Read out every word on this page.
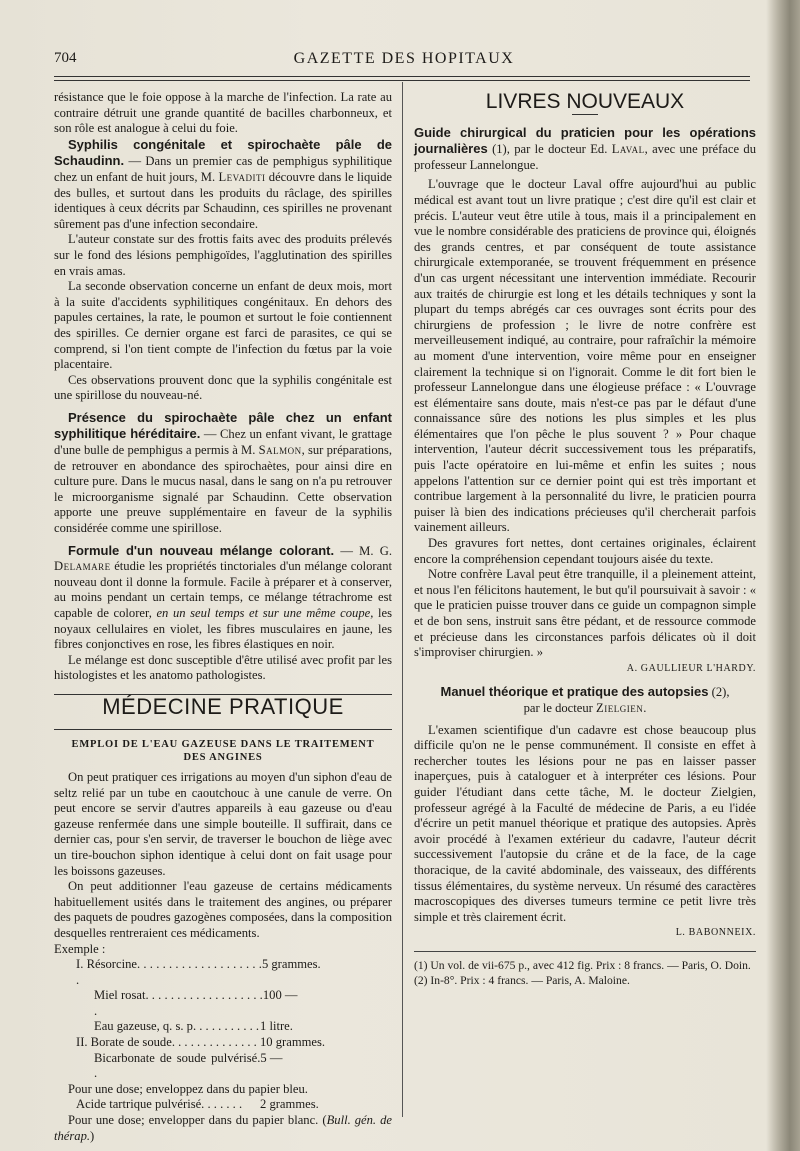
704	GAZETTE DES HOPITAUX

résistance que le foie oppose à la marche de l'infection. La rate au contraire détruit une grande quantité de bacilles charbonneux, et son rôle est analogue à celui du foie.

Syphilis congénitale et spirochaète pâle de Schaudinn. — Dans un premier cas de pemphigus syphilitique chez un enfant de huit jours, M. Levaditi découvre dans le liquide des bulles, et surtout dans les produits du râclage, des spirilles identiques à ceux décrits par Schaudinn, ces spirilles ne provenant sûrement pas d'une infection secondaire.

L'auteur constate sur des frottis faits avec des produits prélevés sur le fond des lésions pemphigoïdes, l'agglutination des spirilles en vrais amas.

La seconde observation concerne un enfant de deux mois, mort à la suite d'accidents syphilitiques congénitaux. En dehors des papules certaines, la rate, le poumon et surtout le foie contiennent des spirilles. Ce dernier organe est farci de parasites, ce qui se comprend, si l'on tient compte de l'infection du fœtus par la voie placentaire.

Ces observations prouvent donc que la syphilis congénitale est une spirillose du nouveau-né.

Présence du spirochaète pâle chez un enfant syphilitique héréditaire. — Chez un enfant vivant, le grattage d'une bulle de pemphigus a permis à M. Salmon, sur préparations, de retrouver en abondance des spirochaètes, pour ainsi dire en culture pure. Dans le mucus nasal, dans le sang on n'a pu retrouver le microorganisme signalé par Schaudinn. Cette observation apporte une preuve supplémentaire en faveur de la syphilis considérée comme une spirillose.

Formule d'un nouveau mélange colorant. — M. G. Delamare étudie les propriétés tinctoriales d'un mélange colorant nouveau dont il donne la formule. Facile à préparer et à conserver, au moins pendant un certain temps, ce mélange tétrachrome est capable de colorer, en un seul temps et sur une même coupe, les noyaux cellulaires en violet, les fibres musculaires en jaune, les fibres conjonctives en rose, les fibres élastiques en noir.

Le mélange est donc susceptible d'être utilisé avec profit par les histologistes et les anatomo pathologistes.

MÉDECINE PRATIQUE
EMPLOI DE L'EAU GAZEUSE DANS LE TRAITEMENT DES ANGINES

On peut pratiquer ces irrigations au moyen d'un siphon d'eau de seltz relié par un tube en caoutchouc à une canule de verre. On peut encore se servir d'autres appareils à eau gazeuse ou d'eau gazeuse renfermée dans une simple bouteille. Il suffirait, dans ce dernier cas, pour s'en servir, de traverser le bouchon de liège avec un tire-bouchon siphon identique à celui dont on fait usage pour les boissons gazeuses.

On peut additionner l'eau gazeuse de certains médicaments habituellement usités dans le traitement des angines, ou préparer des paquets de poudres gazogènes composées, dans la composition desquelles rentreraient ces médicaments.

Exemple :

I. Résorcine. . . . . . . . . . . . . . . . . . . . .
5 grammes.
Miel rosat. . . . . . . . . . . . . . . . . . . .
100 —
Eau gazeuse, q. s. p. . . . . . . . . . . 1 litre.
II. Borate de soude. . . . . . . . . . . . . . 10 grammes.
Bicarbonate de soude pulvérisé. .
5 —

Pour une dose; enveloppez dans du papier bleu.

Acide tartrique pulvérisé. . . . . . . 2 grammes.

Pour une dose; envelopper dans du papier blanc. (Bull. gén. de thérap.)

LIVRES NOUVEAUX

Guide chirurgical du praticien pour les opérations journalières (1), par le docteur Ed. Laval, avec une préface du professeur Lannelongue.

L'ouvrage que le docteur Laval offre aujourd'hui au public médical est avant tout un livre pratique ; c'est dire qu'il est clair et précis. L'auteur veut être utile à tous, mais il a principalement en vue le nombre considérable des praticiens de province qui, éloignés des grands centres, et par conséquent de toute assistance chirurgicale extemporanée, se trouvent fréquemment en présence d'un cas urgent nécessitant une intervention immédiate. Recourir aux traités de chirurgie est long et les détails techniques y sont la plupart du temps abrégés car ces ouvrages sont écrits pour des chirurgiens de profession ; le livre de notre confrère est merveilleusement indiqué, au contraire, pour rafraîchir la mémoire au moment d'une intervention, voire même pour en enseigner clairement la technique si on l'ignorait. Comme le dit fort bien le professeur Lannelongue dans une élogieuse préface : « L'ouvrage est élémentaire sans doute, mais n'est-ce pas par le défaut d'une connaissance sûre des notions les plus simples et les plus élémentaires que l'on pêche le plus souvent ? » Pour chaque intervention, l'auteur décrit successivement tous les préparatifs, puis l'acte opératoire en lui-même et enfin les suites ; nous appelons l'attention sur ce dernier point qui est très important et contribue largement à la personnalité du livre, le praticien pourra puiser là bien des indications précieuses qu'il chercherait parfois vainement ailleurs.

Des gravures fort nettes, dont certaines originales, éclairent encore la compréhension cependant toujours aisée du texte.

Notre confrère Laval peut être tranquille, il a pleinement atteint, et nous l'en félicitons hautement, le but qu'il poursuivait à savoir : « que le praticien puisse trouver dans ce guide un compagnon simple et de bon sens, instruit sans être pédant, et de ressource commode et précieuse dans les circonstances parfois délicates où il doit s'improviser chirurgien. »

A. GAULLIEUR L'HARDY.

Manuel théorique et pratique des autopsies (2),
par le docteur Zielgien.

L'examen scientifique d'un cadavre est chose beaucoup plus difficile qu'on ne le pense communément. Il consiste en effet à rechercher toutes les lésions pour ne pas en laisser passer inaperçues, puis à cataloguer et à interpréter ces lésions. Pour guider l'étudiant dans cette tâche, M. le docteur Zielgien, professeur agrégé à la Faculté de médecine de Paris, a eu l'idée d'écrire un petit manuel théorique et pratique des autopsies. Après avoir procédé à l'examen extérieur du cadavre, l'auteur décrit successivement l'autopsie du crâne et de la face, de la cage thoracique, de la cavité abdominale, des vaisseaux, des différents tissus élémentaires, du système nerveux. Un résumé des caractères macroscopiques des diverses tumeurs termine ce petit livre très simple et très clairement écrit.

L. BABONNEIX.

(1) Un vol. de vii-675 p., avec 412 fig. Prix : 8 francs. — Paris, O. Doin.

(2) In-8°. Prix : 4 francs. — Paris, A. Maloine.
